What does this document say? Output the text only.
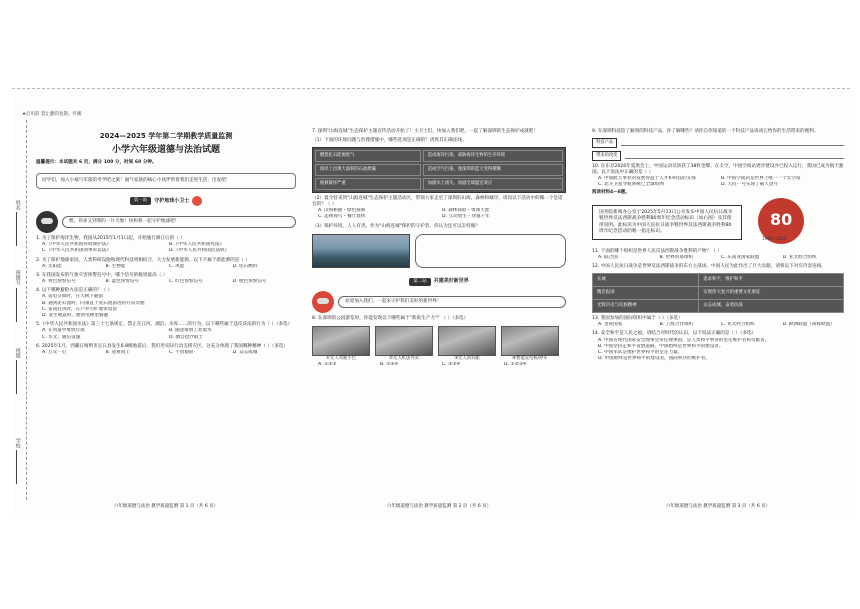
★启用前 禁止翻印复制、传播
姓名
班级号
班级
学校
2024—2025 学年第二学期教学质量监测
小学六年级道德与法治试题
温馨提示：本试题共 6 页，满分 100 分，时间 60 分钟。
同学们，加入小福气军旅的考学吧之旅！福气家族的核心小伙伴带着我们走进生活，出发吧！
第一站	守护地球小卫士
嘿，你来又到我的一片天地！快和我一起守护地球吧！
1. 为了保护海洋生物，我国从2015年1月1日起，开始施行修订后的（ ）
A.《中华人民共和国环境保护法》	B.《中华人民共和国宪法》
C.《中华人民共和国刑事诉讼法》	D.《中华人民共和国民法典》
2. 为了保护地球家园，人类科研设施和现代科技将相结合，大力发展新能源。以下不属于新能源的是（ ）
A. 太阳能	B. 生物能	C. 风能	D. 化石燃料
3. 在我国发布的气象灾害预警信号中，哪个信号的级别最高（ ）
A. 黄色预警信号	B. 蓝色预警信号	C. 红色预警信号	D. 橙色预警信号
4. 以下哪种避险方法是正确的？（ ）
A. 雷电交加时，在大树下避雨
B. 遇到泥石流时，向垂直于泥石流前进的方向奔跑
C. 雷雨狂风时，在户外空旷地带逗留
D. 发生地震时，跑到电梯里躲避
5.《中华人民共和国水法》第三十七条规定，禁止在江河、湖泊、水库……的行为，以下哪些属于违反该法的行为（ ）（多选）
A. 在河道中堆放垃圾	B. 随意排放工业废水
C. 水文、通信设施	D. 擅自挖沙取土
6. 2025年1月，西藏日喀则市定日县发生6.8级地震后，我们用实际行动支援灾区。这充分体现了我国哪种精神（ ）（多选）
A. 万众一心	B. 迎难而上	C. 不畏艰险	D. 众志成城
六年级道德与法治 教学质量监测 第 1 页（共 6 页）
7. 深圳"山海连城"生态保护主题宣传活动开始了！小卫士们，快加入我们吧，一起了解深圳的生态保护成就吧！
（1）下面的环境问题与治理措施中，哪些选项是正确的？请将其正确连线。
燃烧化石能源废气	造成海洋污染，威胁海洋生物的生存环境
海洋上出现大面积的石油泄漏	造成空气污染，使深圳的蓝天变得模糊
植被破坏严重	加剧水土流失，加剧全球温室效应
（2）夏令营来到"山海连城"生态保护主题活动区，带领大家走近了深圳的山海、森林和城市，请问以下活动中的哪一个是适宜的？（ ）
A. 山海相通・绿色探索	B. 森林探险・勇闯天涯
C. 违规观鸟・餐厅烧烤	D. 互动放生・穿越千年
（3）保护环境，人人有责。作为"山海连城"保护的守护者，你认为还可以怎样做？
第二站	共建美好新世界
欢迎加入我们，一起来守护我们美好的新世界！
8. 在深圳的公园游览时，你能发现以下哪些属于"新质生产力"？（ ）（多选）
①无人驾驶小巴	②无人机送外卖	③无人清扫船	④智能充电桩/停车
A. ①②③	B. ①②④	C. ②③④	D. ①②③④
六年级道德与法治 教学质量监测 第 2 页（共 6 页）
9. 在深圳科技馆了解到的科技产品，你了解哪些？请你自你知道的一个科技产品谈谈它给你的生活带来的便利。
科技产品
带来的改变
10. 在东京2020年夏奥会上，中国运动员斩获了38枚金牌。在太空，中国空间站逐步建设并已投入运行，我国已成为航天强国。以下说法中正确的是（ ）
A. 中国航天事业的发展得益于人才和科技的支撑	B. 中国空间站是世界上唯一一个太空站
C. 北斗卫星导航系统已全球组网	D. 天问一号实现了载人登月
阅读材料4—8题。
国务院新闻办公室于2025年5月13日公开发布中国人民抗日战争暨世界反法西斯战争胜利80周年纪念活动标识（如右图）及其使用说明。此标识为中国人民抗日战争暨世界反法西斯战争胜利80周年纪念活动的唯一指定标识。
80
1945—2025
11. 下面的哪个组织是世界人民反法西斯战争胜利的产物？（ ）
A. 联合国	B. 世界贸易组织	C. 东南亚国家联盟	D. 亚太经合组织
12. 中国人民抗日战争是世界反法西斯战争的东方主战场，中国人民为此作出了巨大贡献。请将以下对应内容连线。
长城	追求和平，维护和平
精忠报国	实现伟大复兴的重要文化象征
光辉历史与民族精神	众志成城，奋勇抗战
13. 我国参加的国际组织中属于（ ）（多选）
A. 金砖国家	B. 上海合作组织	C. 亚太经合组织	D. 欧洲联盟（简称欧盟）
14. 安全和平是人民之福。请结合对时代的认识，以下说法正确的是（ ）（多选）
A. 中国近现代国家安全理事会常任理事国，是人类和平事业的坚定维护者和贡献者。
B. 中国坚持走和平发展道路，中国始终是世界和平的建设者。
C. 中国军队是维护世界和平的坚定力量。
D. 中国始终是世界和平的建设者，国际秩序的维护者。
六年级道德与法治 教学质量监测 第 3 页（共 6 页）
